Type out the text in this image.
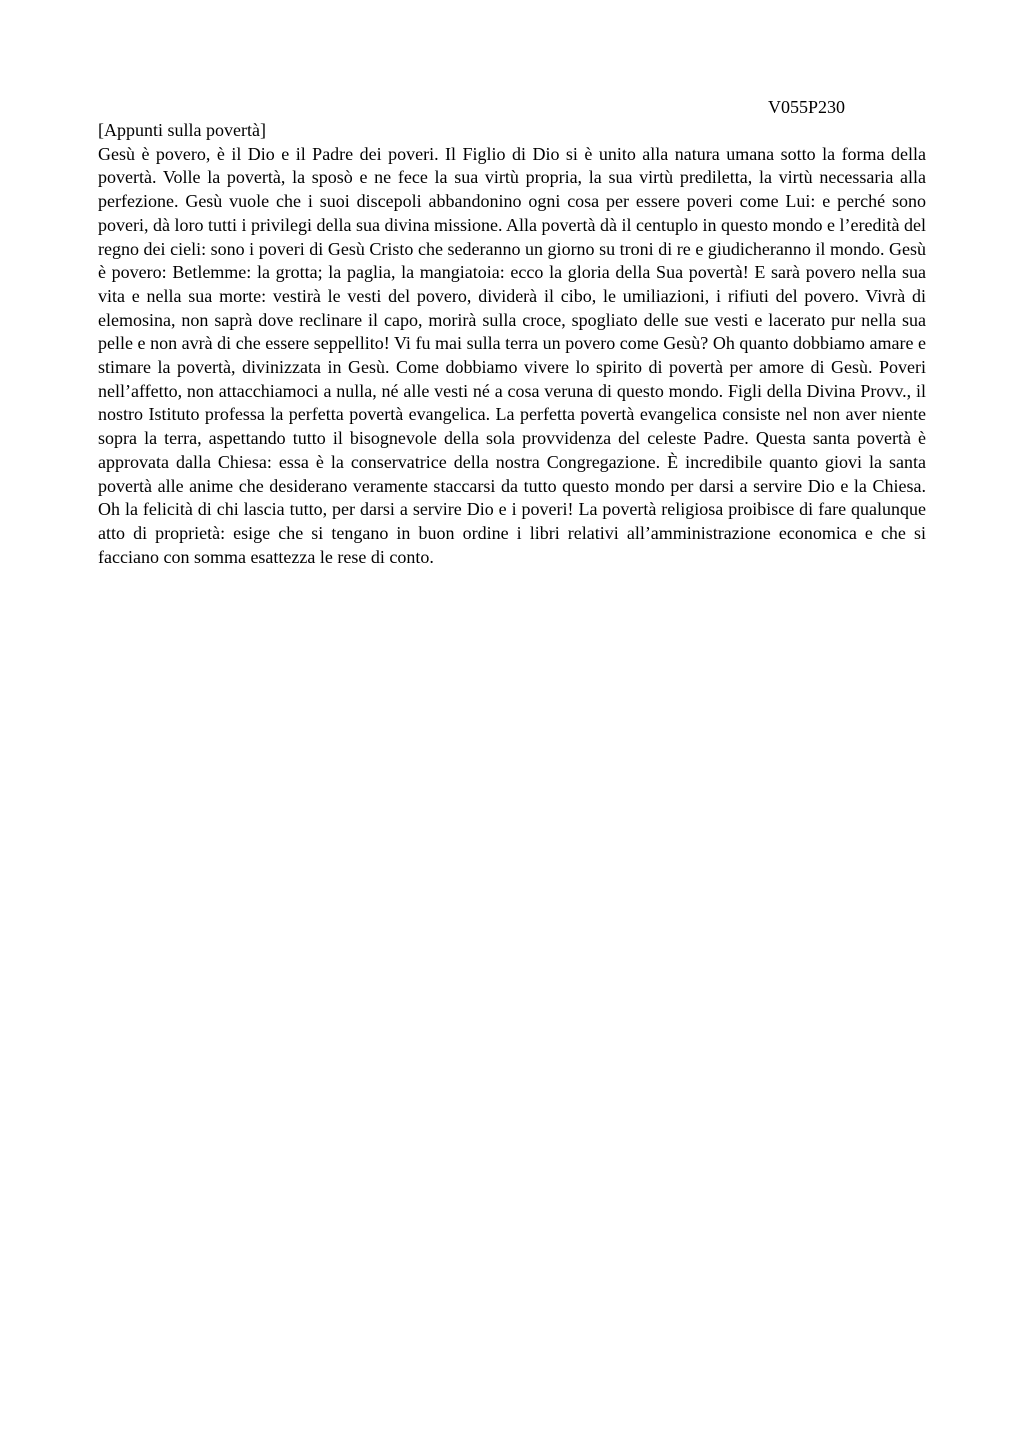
V055P230
[Appunti sulla povertà]
Gesù è povero, è il Dio e il Padre dei poveri. Il Figlio di Dio si è unito alla natura umana sotto la forma della povertà. Volle la povertà, la sposò e ne fece la sua virtù propria, la sua virtù prediletta, la virtù necessaria alla perfezione. Gesù vuole che i suoi discepoli abbandonino ogni cosa per essere poveri come Lui: e perché sono poveri, dà loro tutti i privilegi della sua divina missione. Alla povertà dà il centuplo in questo mondo e l’eredità del regno dei cieli: sono i poveri di Gesù Cristo che sederanno un giorno su troni di re e giudicheranno il mondo. Gesù è povero: Betlemme: la grotta; la paglia, la mangiatoia: ecco la gloria della Sua povertà! E sarà povero nella sua vita e nella sua morte: vestirà le vesti del povero, dividerà il cibo, le umiliazioni, i rifiuti del povero. Vivrà di elemosina, non saprà dove reclinare il capo, morirà sulla croce, spogliato delle sue vesti e lacerato pur nella sua pelle e non avrà di che essere seppellito! Vi fu mai sulla terra un povero come Gesù? Oh quanto dobbiamo amare e stimare la povertà, divinizzata in Gesù. Come dobbiamo vivere lo spirito di povertà per amore di Gesù. Poveri nell’affetto, non attacchiamoci a nulla, né alle vesti né a cosa veruna di questo mondo. Figli della Divina Provv., il nostro Istituto professa la perfetta povertà evangelica. La perfetta povertà evangelica consiste nel non aver niente sopra la terra, aspettando tutto il bisognevole della sola provvidenza del celeste Padre. Questa santa povertà è approvata dalla Chiesa: essa è la conservatrice della nostra Congregazione. È incredibile quanto giovi la santa povertà alle anime che desiderano veramente staccarsi da tutto questo mondo per darsi a servire Dio e la Chiesa. Oh la felicità di chi lascia tutto, per darsi a servire Dio e i poveri! La povertà religiosa proibisce di fare qualunque atto di proprietà: esige che si tengano in buon ordine i libri relativi all’amministrazione economica e che si facciano con somma esattezza le rese di conto.
